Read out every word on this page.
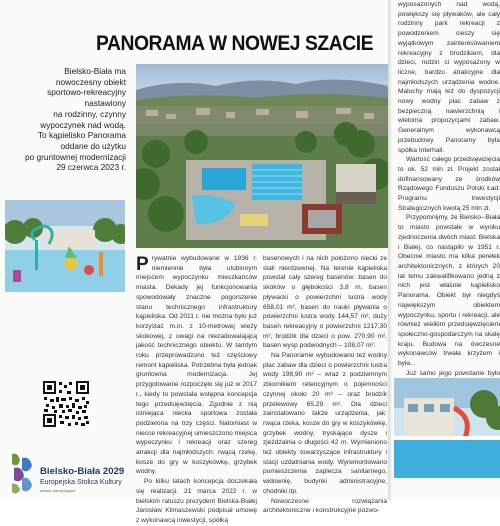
PANORAMA W NOWEJ SZACIE
Bielsko-Biała ma
nowoczesny obiekt
sportowo-rekreacyjny
nastawiony
na rodzinny, czynny
wypoczynek nad wodą.
To kąpielisko Panorama
oddane do użytku
po gruntownej modernizacji
29 czerwca 2023 r.

Prywatnie wybudowane w 1936 r. niemiennie była ulubionym miejscem wypoczynku mieszkańców miasta. Dekady jej funkcjonowania spowodowały znaczne pogorszenie stanu technicznego infrastruktury kąpieliska. Od 2011 r. nie można było już korzystać m.in. z 10-metrowej wieży skokowej, z uwagi na niezadowalającą jakość technicznego obiektu. W tamtym roku przeprowadzono też częściowy remont kąpieliska. Potrzebna była jednak gruntowna modernizacja. Jej przygotowanie rozpoczęło się już w 2017 r., kiedy to powstała wstępna koncepcja tego przedsięwzięcia. Zgodnie z nią istniejąca niecka sportowa została podzielona na trzy części. Natomiast w niecce rekreacyjnej umieszczono miejsca wypoczynku i rekreacji oraz szereg atrakcji dla najmłodszych: rwącą rzekę, kosze do gry w koszykówkę, grzybek wodny.

Po kilku latach koncepcja doczekała się realizacji. 21 marca 2022 r. w bielskim ratuszu prezydent Bielska-Białej Jarosław Klimaszewski podpisał umowę z wykonawcą inwestycji, spółką

basenowych i na nich położono niecki ze stali nierdzewnej. Na terenie kąpieliska powstał cały szereg basenów: basen do skoków o głębokości 3,8 m, basen pływacki o powierzchni lustra wody 658,01 m², basen do nauki pływania o powierzchni lustra wody 144,57 m², duży basen rekreacyjny o powierzchni 1217,30 m², brodzik dla dzieci o pow. 270,90 m², basen wysp podwodnych – 108,07 m².

Na Panoramie wybudowano też wodny plac zabaw dla dzieci o powierzchni lustra wody 198,90 m² – wraz z podziemnym zbiornikiem retencyjnym o pojemności czynnej około 20 m³ – oraz brodzik przelewowy 65,29 m². Dla dzieci zainstalowano także urządzenia, jak: rwąca rzeka, kosze do gry w koszykówkę, grzybek wodny, tryskające dysze i zjeżdżalnia o długości 42 m. Wymieniono też obiekty towarzyszące infrastruktury i stacji uzdatniania wody. Wyremontowano pomieszczenia zaplecza sanitarnego, widownię, budynki administracyjne, chodniki itp.

Nowoczesne rozwiązania architektoniczne i konstrukcyjne pozwo-

wyposażonych nad wodą, powiększy się pływaków, ale cały rodzinny park rekreacji z powodzeniem cieszy się wyjątkowym zainteresowaniem rekreacyjny z brodzikiem, dla dzieci, rodzin ci wyposażony w liczne, bardzo atrakcyjne dla najmłodszych urządzenia wodne. Maluchy mają też do dyspozycji nowy wodny plac zabaw z bezpieczną nawierzchnią i wieloma propozycjami zabaw. Generalnym wykonawcą przebudowy Panoramy była spółka Interhall.

Wartość całego przedsięwzięcia to ok. 52 mln zł. Projekt został dofinansowany ze środków Rządowego Funduszu Polski Ład: Programu Inwestycji Strategicznych kwotą 25 mln zł.

Przypomnijmy, że Bielsko--Biała to miasto powstałe w wyniku zjednoczenia dwóch miast: Bielska i Białej, co nastąpiło w 1951 r. Obecnie miasto ma kilka perełek architektonicznych, z których 20 lat temu zakwalifikowano jedną z nich jest właśnie kąpielisko Panorama. Obiekt był niegdyś największym obiektem wypoczynku, sportu i rekreacji, ale również wielkim przedsięwzięciem społeczno-gospodarczym na skalę kraju. Budowa na ówczesne wykonawców trwała krzyżem i była...

Już samo jego powstanie było

Bielsko-Biała 2029
Europejska Stolica Kultury
miasto kandydujące
